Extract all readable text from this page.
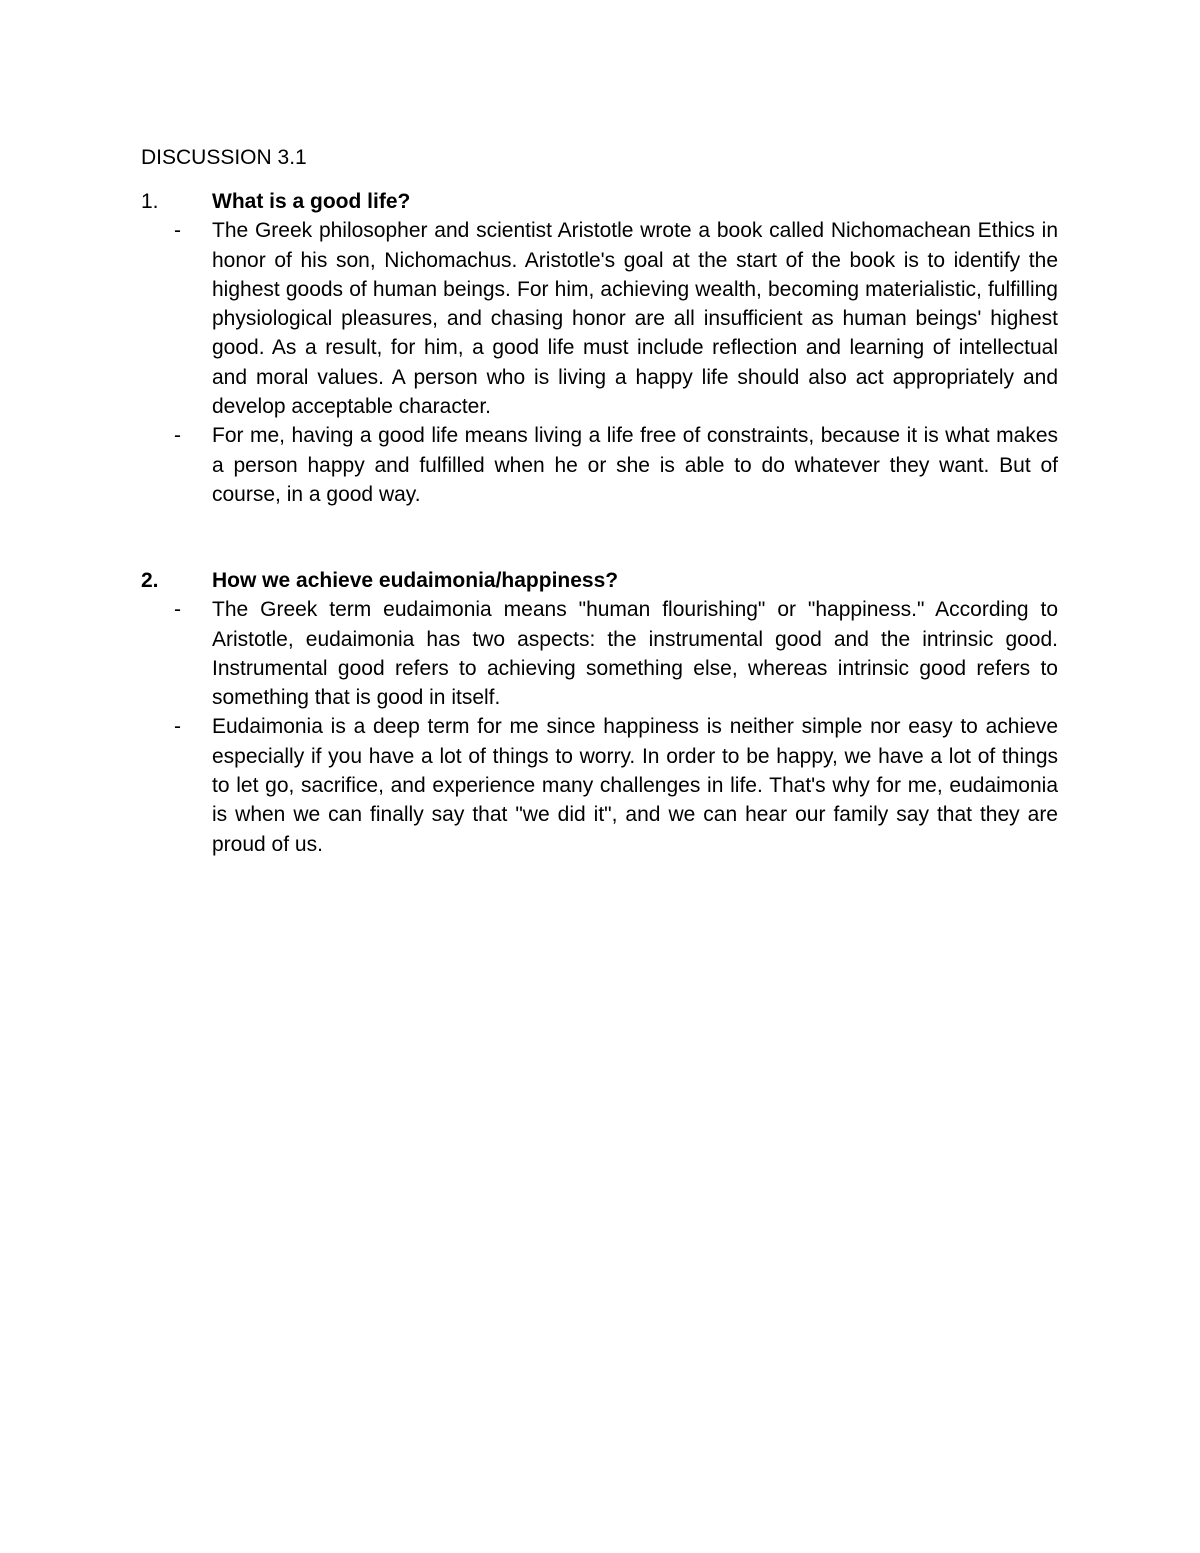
DISCUSSION 3.1
1.	What is a good life?
-	The Greek philosopher and scientist Aristotle wrote a book called Nichomachean Ethics in honor of his son, Nichomachus. Aristotle's goal at the start of the book is to identify the highest goods of human beings. For him, achieving wealth, becoming materialistic, fulfilling physiological pleasures, and chasing honor are all insufficient as human beings' highest good. As a result, for him, a good life must include reflection and learning of intellectual and moral values. A person who is living a happy life should also act appropriately and develop acceptable character.

-	For me, having a good life means living a life free of constraints, because it is what makes a person happy and fulfilled when he or she is able to do whatever they want. But of course, in a good way.

2.	How we achieve eudaimonia/happiness?
-	The Greek term eudaimonia means "human flourishing" or "happiness." According to Aristotle, eudaimonia has two aspects: the instrumental good and the intrinsic good. Instrumental good refers to achieving something else, whereas intrinsic good refers to something that is good in itself.

-	Eudaimonia is a deep term for me since happiness is neither simple nor easy to achieve especially if you have a lot of things to worry. In order to be happy, we have a lot of things to let go, sacrifice, and experience many challenges in life. That's why for me, eudaimonia is when we can finally say that "we did it", and we can hear our family say that they are proud of us.
